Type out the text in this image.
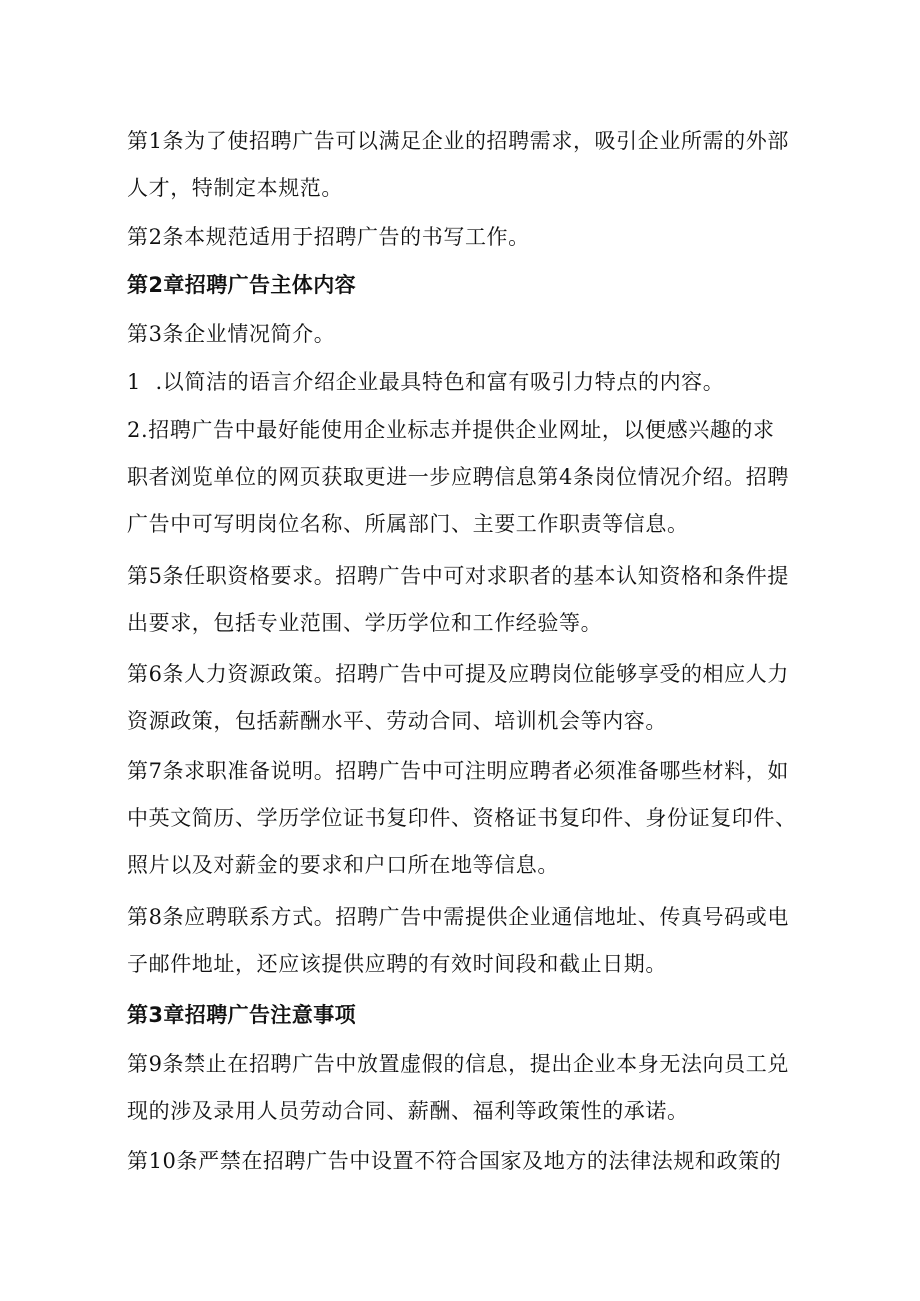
第1条为了使招聘广告可以满足企业的招聘需求，吸引企业所需的外部
人才，特制定本规范。

第2条本规范适用于招聘广告的书写工作。

第2章招聘广告主体内容

第3条企业情况简介。

1  .以简洁的语言介绍企业最具特色和富有吸引力特点的内容。

2.招聘广告中最好能使用企业标志并提供企业网址，以便感兴趣的求
职者浏览单位的网页获取更进一步应聘信息第4条岗位情况介绍。招聘
广告中可写明岗位名称、所属部门、主要工作职责等信息。

第5条任职资格要求。招聘广告中可对求职者的基本认知资格和条件提
出要求，包括专业范围、学历学位和工作经验等。

第6条人力资源政策。招聘广告中可提及应聘岗位能够享受的相应人力
资源政策，包括薪酬水平、劳动合同、培训机会等内容。

第7条求职准备说明。招聘广告中可注明应聘者必须准备哪些材料，如
中英文简历、学历学位证书复印件、资格证书复印件、身份证复印件、
照片以及对薪金的要求和户口所在地等信息。

第8条应聘联系方式。招聘广告中需提供企业通信地址、传真号码或电
子邮件地址，还应该提供应聘的有效时间段和截止日期。

第3章招聘广告注意事项

第9条禁止在招聘广告中放置虚假的信息，提出企业本身无法向员工兑
现的涉及录用人员劳动合同、薪酬、福利等政策性的承诺。

第10条严禁在招聘广告中设置不符合国家及地方的法律法规和政策的
